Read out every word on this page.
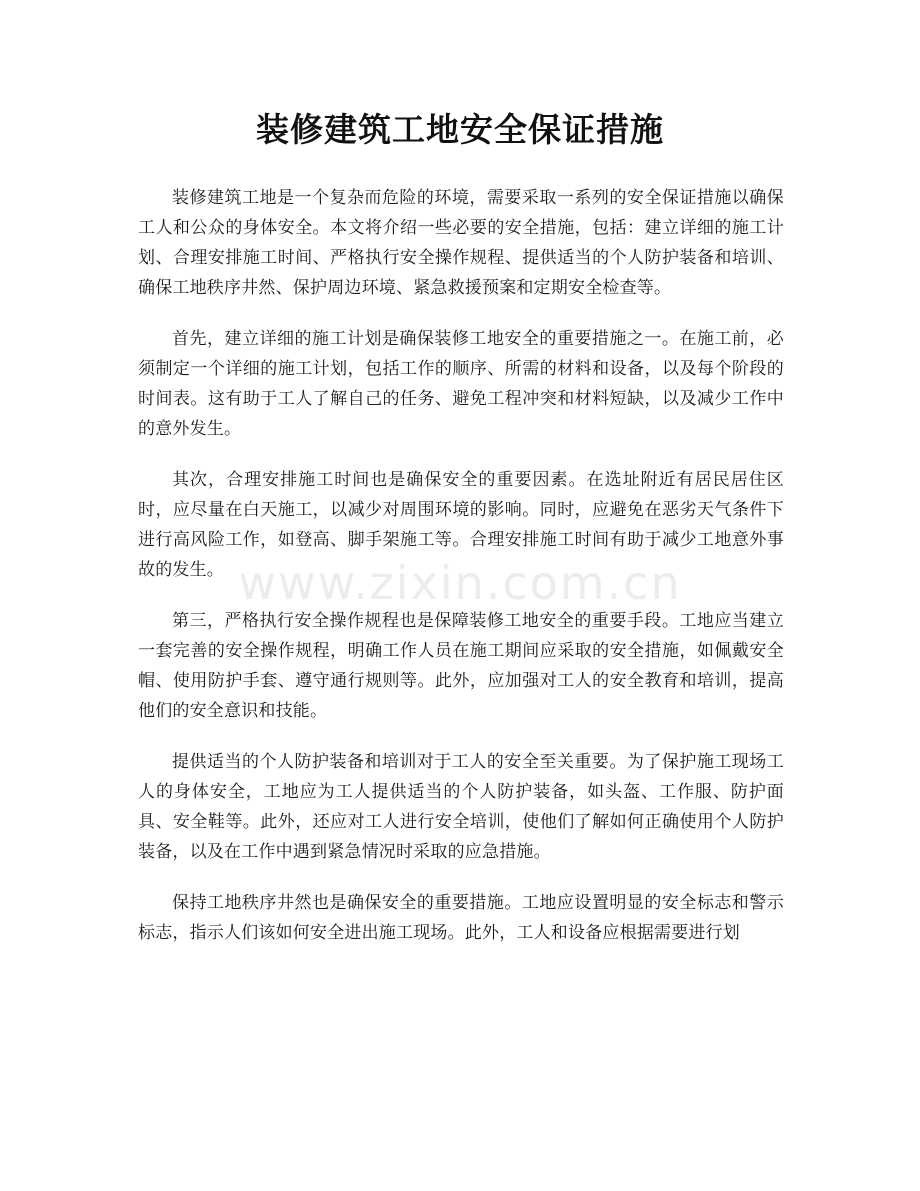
装修建筑工地安全保证措施
www.zixin.com.cn

装修建筑工地是一个复杂而危险的环境，需要采取一系列的安全保证措施以确保工人和公众的身体安全。本文将介绍一些必要的安全措施，包括：建立详细的施工计划、合理安排施工时间、严格执行安全操作规程、提供适当的个人防护装备和培训、确保工地秩序井然、保护周边环境、紧急救援预案和定期安全检查等。

首先，建立详细的施工计划是确保装修工地安全的重要措施之一。在施工前，必须制定一个详细的施工计划，包括工作的顺序、所需的材料和设备，以及每个阶段的时间表。这有助于工人了解自己的任务、避免工程冲突和材料短缺，以及减少工作中的意外发生。

其次，合理安排施工时间也是确保安全的重要因素。在选址附近有居民居住区时，应尽量在白天施工，以减少对周围环境的影响。同时，应避免在恶劣天气条件下进行高风险工作，如登高、脚手架施工等。合理安排施工时间有助于减少工地意外事故的发生。

第三，严格执行安全操作规程也是保障装修工地安全的重要手段。工地应当建立一套完善的安全操作规程，明确工作人员在施工期间应采取的安全措施，如佩戴安全帽、使用防护手套、遵守通行规则等。此外，应加强对工人的安全教育和培训，提高他们的安全意识和技能。

提供适当的个人防护装备和培训对于工人的安全至关重要。为了保护施工现场工人的身体安全，工地应为工人提供适当的个人防护装备，如头盔、工作服、防护面具、安全鞋等。此外，还应对工人进行安全培训，使他们了解如何正确使用个人防护装备，以及在工作中遇到紧急情况时采取的应急措施。

保持工地秩序井然也是确保安全的重要措施。工地应设置明显的安全标志和警示标志，指示人们该如何安全进出施工现场。此外，工人和设备应根据需要进行划
